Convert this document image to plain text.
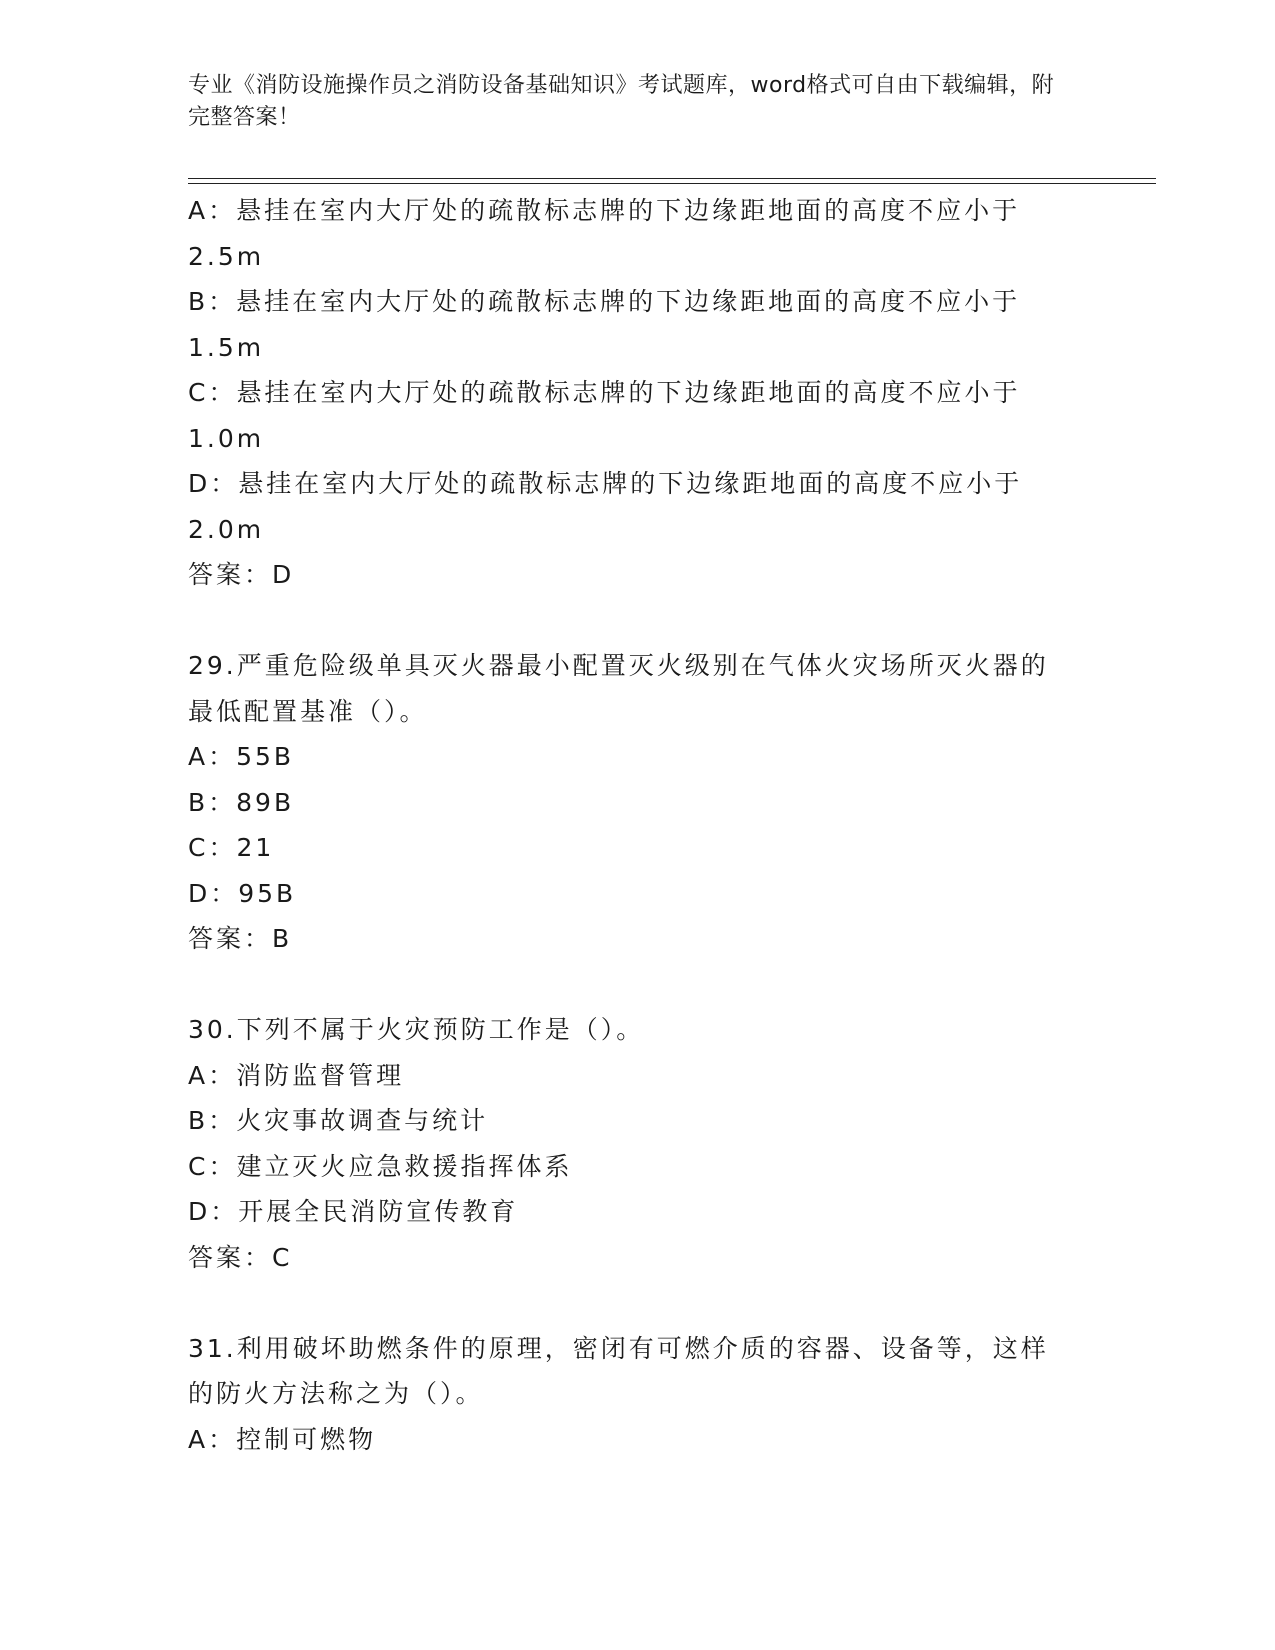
专业《消防设施操作员之消防设备基础知识》考试题库，word格式可自由下载编辑，附完整答案！
A：悬挂在室内大厅处的疏散标志牌的下边缘距地面的高度不应小于
2.5m
B：悬挂在室内大厅处的疏散标志牌的下边缘距地面的高度不应小于
1.5m
C：悬挂在室内大厅处的疏散标志牌的下边缘距地面的高度不应小于
1.0m
D：悬挂在室内大厅处的疏散标志牌的下边缘距地面的高度不应小于
2.0m
答案：D
29.严重危险级单具灭火器最小配置灭火级别在气体火灾场所灭火器的
最低配置基准（）。
A：55B
B：89B
C：21
D：95B
答案：B
30.下列不属于火灾预防工作是（）。
A：消防监督管理
B：火灾事故调查与统计
C：建立灭火应急救援指挥体系
D：开展全民消防宣传教育
答案：C
31.利用破坏助燃条件的原理，密闭有可燃介质的容器、设备等，这样
的防火方法称之为（）。
A：控制可燃物
